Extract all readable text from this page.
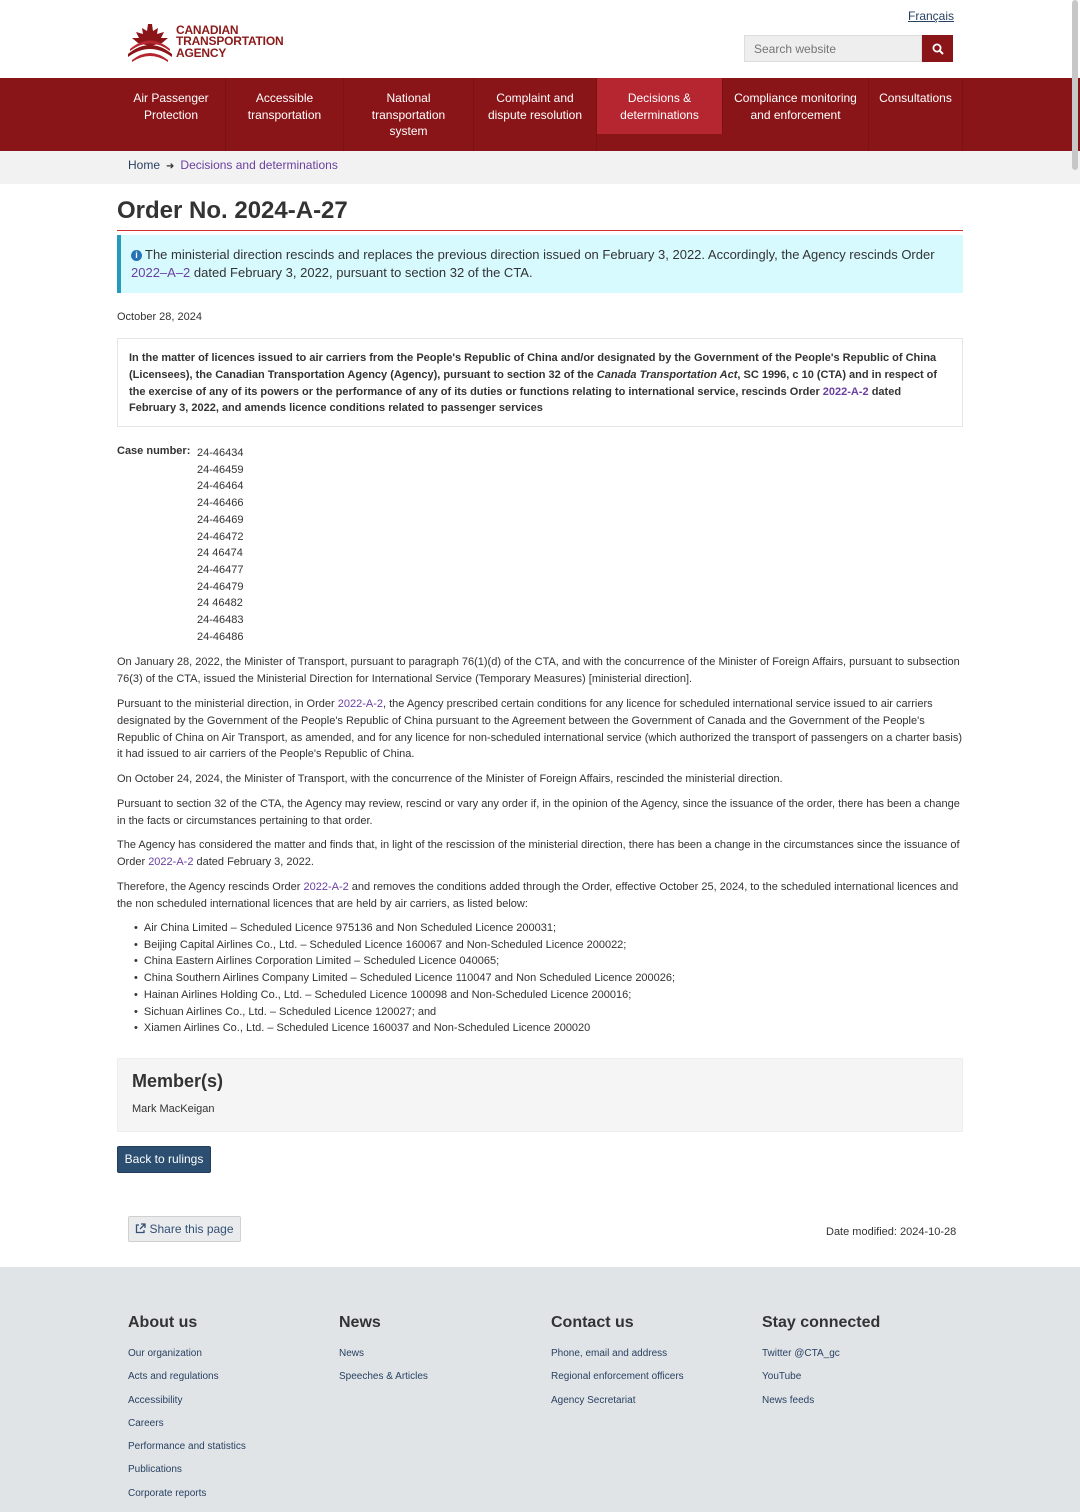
CANADIAN
TRANSPORTATION
AGENCY
Français
Search website
Air Passenger
Protection
Accessible
transportation
National
transportation
system
Complaint and
dispute resolution
Decisions &
determinations
Compliance monitoring
and enforcement
Consultations
Home ➜ Decisions and determinations
Order No. 2024-A-27
i The ministerial direction rescinds and replaces the previous direction issued on February 3, 2022. Accordingly, the Agency rescinds Order 2022–A–2 dated February 3, 2022, pursuant to section 32 of the CTA.
October 28, 2024
In the matter of licences issued to air carriers from the People's Republic of China and/or designated by the Government of the People's Republic of China (Licensees), the Canadian Transportation Agency (Agency), pursuant to section 32 of the Canada Transportation Act, SC 1996, c 10 (CTA) and in respect of the exercise of any of its powers or the performance of any of its duties or functions relating to international service, rescinds Order 2022-A-2 dated February 3, 2022, and amends licence conditions related to passenger services
Case number: 24-46434
24-46459
24-46464
24-46466
24-46469
24-46472
24 46474
24-46477
24-46479
24 46482
24-46483
24-46486
On January 28, 2022, the Minister of Transport, pursuant to paragraph 76(1)(d) of the CTA, and with the concurrence of the Minister of Foreign Affairs, pursuant to subsection 76(3) of the CTA, issued the Ministerial Direction for International Service (Temporary Measures) [ministerial direction].
Pursuant to the ministerial direction, in Order 2022-A-2, the Agency prescribed certain conditions for any licence for scheduled international service issued to air carriers designated by the Government of the People's Republic of China pursuant to the Agreement between the Government of Canada and the Government of the People's Republic of China on Air Transport, as amended, and for any licence for non-scheduled international service (which authorized the transport of passengers on a charter basis) it had issued to air carriers of the People's Republic of China.
On October 24, 2024, the Minister of Transport, with the concurrence of the Minister of Foreign Affairs, rescinded the ministerial direction.
Pursuant to section 32 of the CTA, the Agency may review, rescind or vary any order if, in the opinion of the Agency, since the issuance of the order, there has been a change in the facts or circumstances pertaining to that order.
The Agency has considered the matter and finds that, in light of the rescission of the ministerial direction, there has been a change in the circumstances since the issuance of Order 2022-A-2 dated February 3, 2022.
Therefore, the Agency rescinds Order 2022-A-2 and removes the conditions added through the Order, effective October 25, 2024, to the scheduled international licences and the non scheduled international licences that are held by air carriers, as listed below:
• Air China Limited – Scheduled Licence 975136 and Non Scheduled Licence 200031;
• Beijing Capital Airlines Co., Ltd. – Scheduled Licence 160067 and Non-Scheduled Licence 200022;
• China Eastern Airlines Corporation Limited – Scheduled Licence 040065;
• China Southern Airlines Company Limited – Scheduled Licence 110047 and Non Scheduled Licence 200026;
• Hainan Airlines Holding Co., Ltd. – Scheduled Licence 100098 and Non-Scheduled Licence 200016;
• Sichuan Airlines Co., Ltd. – Scheduled Licence 120027; and
• Xiamen Airlines Co., Ltd. – Scheduled Licence 160037 and Non-Scheduled Licence 200020
Member(s)
Mark MacKeigan
Back to rulings
Share this page	Date modified: 2024-10-28
About us
Our organization
Acts and regulations
Accessibility
Careers
Performance and statistics
Publications
Corporate reports
News
News
Speeches & Articles
Contact us
Phone, email and address
Regional enforcement officers
Agency Secretariat
Stay connected
Twitter @CTA_gc
YouTube
News feeds
